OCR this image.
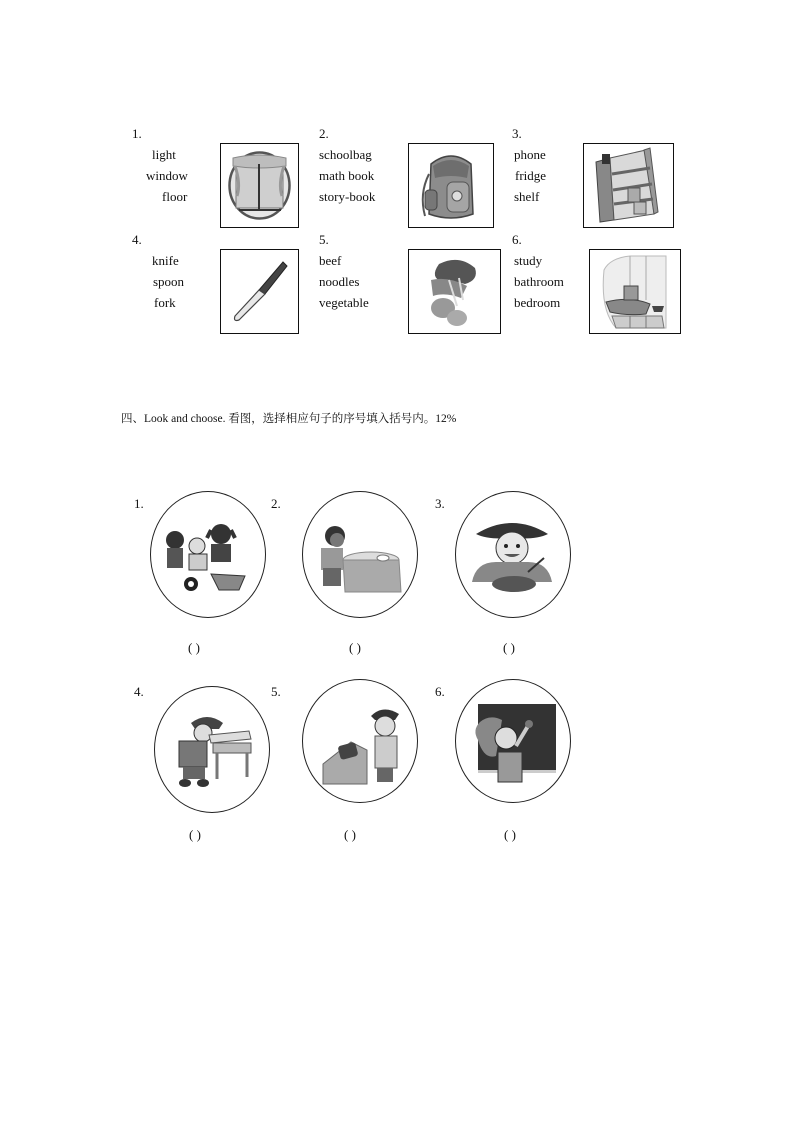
1.
light
window
floor
2.
schoolbag
math book
story-book
3.
phone
fridge
shelf
4.
knife
spoon
fork
5.
beef
noodles
vegetable
6.
study
bathroom
bedroom
四、Look and choose. 看图，选择相应句子的序号填入括号内。12%
1.
( )
2.
( )
3.
( )
4.
( )
5.
( )
6.
( )
